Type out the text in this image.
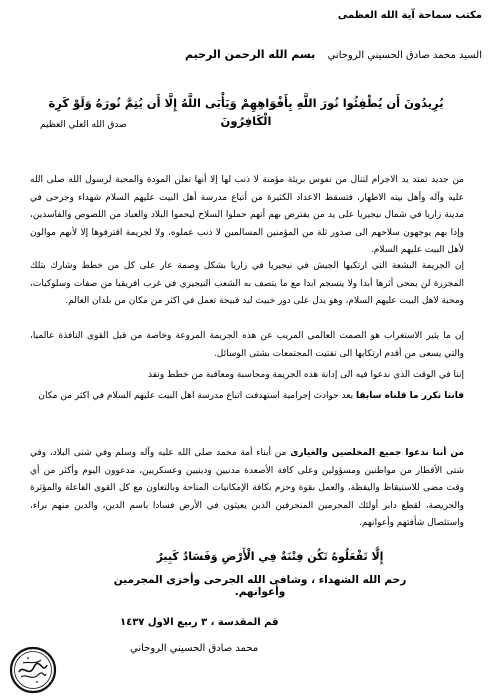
مكتب سماحة آية الله العظمى
السيد محمد صادق الحسيني الروحاني
بسم الله الرحمن الرحيم
يُرِيدُونَ أَن يُطْفِئُوا نُورَ اللَّهِ بِأَفْوَاهِهِمْ وَيَأْبَى اللَّهُ إِلَّا أَن يُتِمَّ نُورَهُ وَلَوْ كَرِهَ الْكَافِرُونَ
صدق الله العلي العظيم
من جديد تمتد يد الاجرام لتنال من نفوس بريئة مؤمنة لا ذنب لها إلا أنها تعلن المودة والمحبة لرسول الله صلى الله عليه وآله وأهل بيته الاطهار، فتسقط الاعداد الكثيرة من أتباع مدرسة أهل البيت عليهم السلام شهداء وجرحى في مدينة زاريا في شمال نيجيريا على يد من يفترض بهم أنهم حملوا السلاح ليحموا البلاد والعباد من اللصوص والفاسدين، وإذا بهم يوجهون سلاحهم الى صدور ثلة من المؤمنين المسالمين لا ذنب عملوه، ولا لجريمة اقترفوها إلا لأنهم موالون لأهل البيت عليهم السلام.
إن الجريمة البشعة التي ارتكبها الجيش في نيجيريا في زاريا بشكل وصمة عار على كل من خطط وشارك بتلك المجزرة لن يمحى أثرها أبدا ولا ينسجم ابدا مع ما يتصف به الشعب النيجيري في غرب افريقيا من صفات وسلوكيات، ومحبة لاهل البيت عليهم السلام، وهو يدل على دور خبيث ليد قبيحة تعمل في اكثر من مكان من بلدان العالم.
إن ما يثير الاستغراب هو الصمت العالمي المريب عن هذه الجريمة المروعة وخاصة من قبل القوى النافذة عالميا، والتي يسعى من أقدم ارتكابها الى تفتيت المجتمعات بشتى الوسائل.
إننا في الوقت الذي ندعوا فيه الى إدانة هذه الجريمة ومحاسبة ومعاقبة من خطط ونفذ
فاننا نكرر ما قلناه سابقا بعد حوادث إجرامية استهدفت اتباع مدرسة اهل البيت عليهم السلام في اكثر من مكان
من أننا ندعوا جميع المخلصين والغيارى من أبناء أمة محمد صلى الله عليه وآله وسلم وفي شتى البلاد، وفي شتى الأقطار من مواطنين ومسؤولين وعلى كافة الأصعدة مدنيين ودينيين وعسكريين، مدعوون اليوم وأكثر من أي وقت مضى للاستيقاظ واليقظة، والعمل بقوة وحزم بكافة الإمكانيات المتاحة وبالتعاون مع كل القوى الفاعلة والمؤثرة والحريصة، لقطع دابر أولئك المجرمين المنحرفين الذين يعيثون في الأرض فسادا باسم الدين، والدين منهم براء، واستئصال شأفتهم وأعوانهم.
إِلَّا تَفْعَلُوهُ تَكُن فِتْنَةٌ فِي الْأَرْضِ وَفَسَادٌ كَبِيرٌ
رحم الله الشهداء ، وشافى الله الجرحى وأخزى المجرمين وأعوانهم.
قم المقدسة ، ٣ ربيع الاول ١٤٣٧
محمد صادق الحسيني الروحاني
